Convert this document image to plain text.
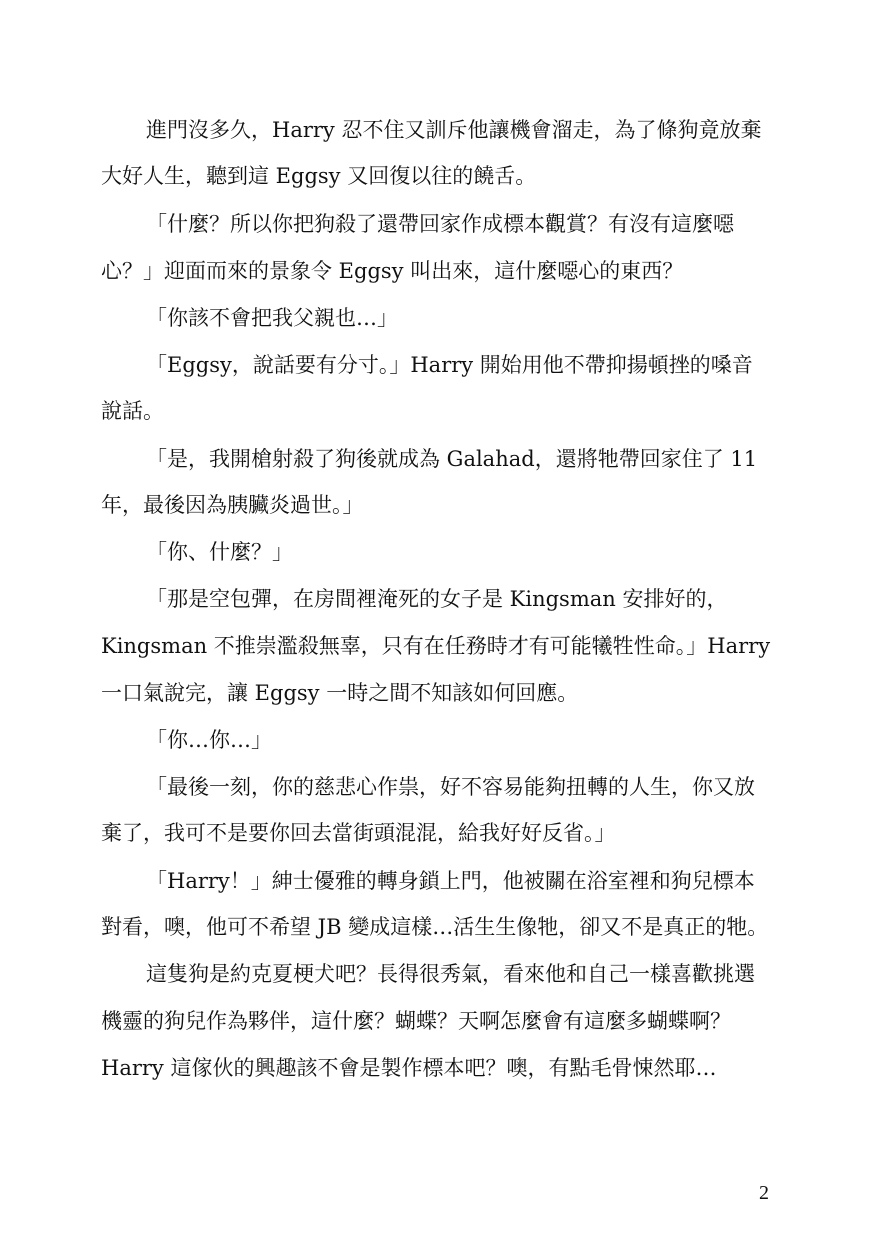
進門沒多久，Harry 忍不住又訓斥他讓機會溜走，為了條狗竟放棄
大好人生，聽到這 Eggsy 又回復以往的饒舌。
「什麼？所以你把狗殺了還帶回家作成標本觀賞？有沒有這麼噁
心？」迎面而來的景象令 Eggsy 叫出來，這什麼噁心的東西？
「你該不會把我父親也…」
「Eggsy，說話要有分寸。」Harry 開始用他不帶抑揚頓挫的嗓音
說話。
「是，我開槍射殺了狗後就成為 Galahad，還將牠帶回家住了 11
年，最後因為胰臟炎過世。」
「你、什麼？」
「那是空包彈，在房間裡淹死的女子是 Kingsman 安排好的，
Kingsman 不推崇濫殺無辜，只有在任務時才有可能犧牲性命。」Harry
一口氣說完，讓 Eggsy 一時之間不知該如何回應。
「你…你…」
「最後一刻，你的慈悲心作祟，好不容易能夠扭轉的人生，你又放
棄了，我可不是要你回去當街頭混混，給我好好反省。」
「Harry！」紳士優雅的轉身鎖上門，他被關在浴室裡和狗兒標本
對看，噢，他可不希望 JB 變成這樣…活生生像牠，卻又不是真正的牠。
這隻狗是約克夏梗犬吧？長得很秀氣，看來他和自己一樣喜歡挑選
機靈的狗兒作為夥伴，這什麼？蝴蝶？天啊怎麼會有這麼多蝴蝶啊？
Harry 這傢伙的興趣該不會是製作標本吧？噢，有點毛骨悚然耶…
2
